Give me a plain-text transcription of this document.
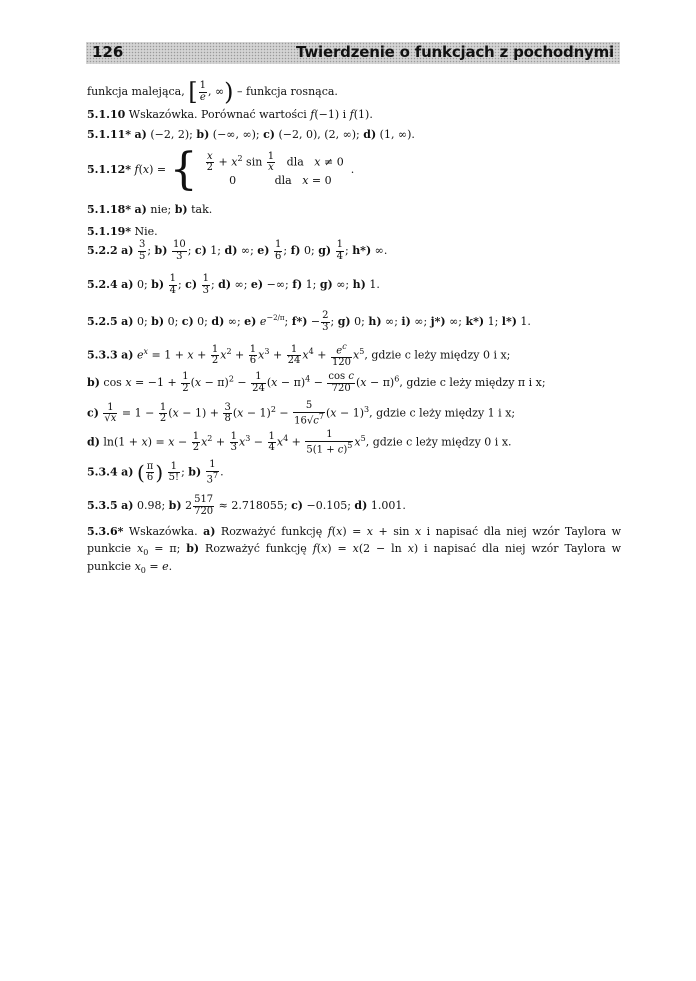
126	Twierdzenie o funkcjach z pochodnymi
funkcja malejąca, [ $\frac{1}{e}$ , ∞) – funkcja rosnąca.
5.1.10 Wskazówka. Porównać wartości f(−1) i f(1).
5.1.11* a) (−2, 2); b) (−∞, ∞); c) (−2, 0), (2, ∞); d) (1, ∞).
5.1.12* f(x) = {
$\frac{x}{2} + x^2$ $\sin \frac{1}{x}$ dla x ≠ 0
0           dla x = 0
.
5.1.18* a) nie; b) tak.
5.1.19* Nie.
5.2.2 $a) \frac{3}{5}$ ; $b) \frac{10}{3}$ ; c) 1; d) ∞; $e) \frac{1}{6}$ ; f) 0; $g) \frac{1}{4}$ ; h*) ∞.
5.2.4 a) 0; $b) \frac{1}{4}$ ; $c) \frac{1}{3}$ ; d) ∞; e) −∞; f) 1; g) ∞; h) 1.
5.2.5 a) 0; b) 0; c) 0; d) ∞; e) $e^{-2/\pi}$; $f*) - \frac{2}{3}$ ; g) 0; h) ∞; i) ∞; j*) ∞; k*) 1; l*) 1.
5.3.3 a) $e^x = 1 + x + \frac{1}{2} x^2 + \frac{1}{6} x^3 + \frac{1}{24} x^4 + \frac{e^c}{120} x^5$, gdzie c leży między 0 i x;
b) $\cos x = -1 + \frac{1}{2} (x - \pi)^2 - \frac{1}{24} (x - \pi)^4 - \frac{\text{cos c}}{720} (x - \pi)^6$, gdzie c leży między π i x;
$c) \frac{1}{√x} = 1 - \frac{1}{2} (x - 1) + \frac{3}{8} (x - 1)^2 - \frac{5}{16√c^7} (x - 1)^3$, gdzie c leży między 1 i x;
d) $\ln(1 + x) = x - \frac{1}{2} x^2 + \frac{1}{3} x^3 - \frac{1}{4} x^4 + \frac{1}{5(1 + c)^5} x^5$, gdzie c leży między 0 i x.
5.3.4 a) ( $\frac{\pi}{6}$ ) $\frac{1}{5!}$ ; $b) \frac{1}{3^7}$ .
5.3.5 a) 0.98; b) $2 \frac{517}{720} \approx 2.718055$; c) −0.105; d) 1.001.
5.3.6* Wskazówka. a) Rozważyć funkcję f(x) = x + sin x i napisać dla niej wzór Taylora w punkcie $x_0 = \pi$; b) Rozważyć funkcję f(x) = x(2 − ln x) i napisać dla niej wzór Taylora w punkcie $x_0 = e$.
